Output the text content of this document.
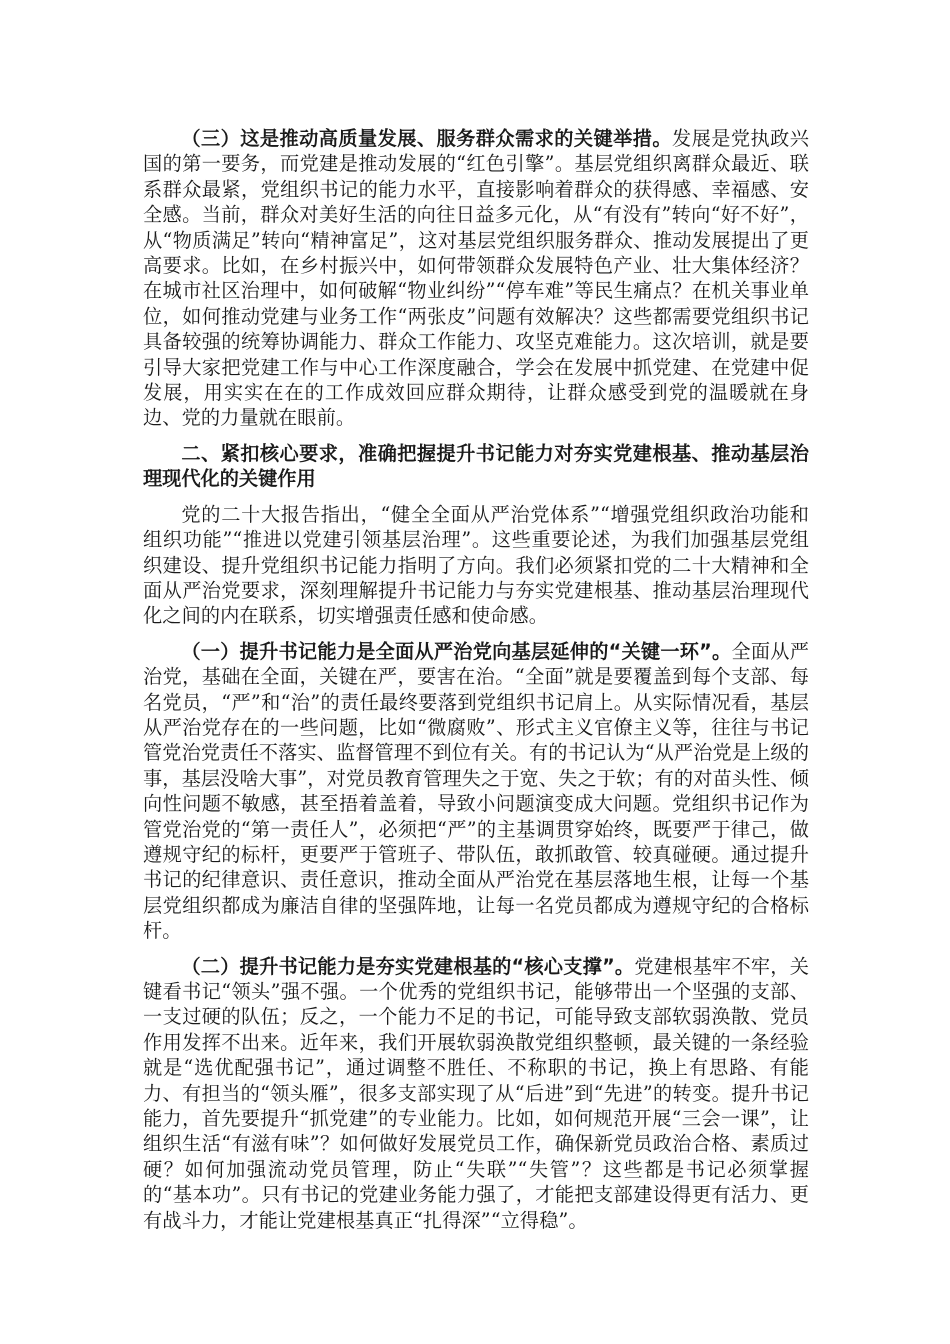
（三）这是推动高质量发展、服务群众需求的关键举措。发展是党执政兴国的第一要务，而党建是推动发展的“红色引擎”。基层党组织离群众最近、联系群众最紧，党组织书记的能力水平，直接影响着群众的获得感、幸福感、安全感。当前，群众对美好生活的向往日益多元化，从“有没有”转向“好不好”，从“物质满足”转向“精神富足”，这对基层党组织服务群众、推动发展提出了更高要求。比如，在乡村振兴中，如何带领群众发展特色产业、壮大集体经济？在城市社区治理中，如何破解“物业纠纷”“停车难”等民生痛点？在机关事业单位，如何推动党建与业务工作“两张皮”问题有效解决？这些都需要党组织书记具备较强的统筹协调能力、群众工作能力、攻坚克难能力。这次培训，就是要引导大家把党建工作与中心工作深度融合，学会在发展中抓党建、在党建中促发展，用实实在在的工作成效回应群众期待，让群众感受到党的温暖就在身边、党的力量就在眼前。

二、紧扣核心要求，准确把握提升书记能力对夯实党建根基、推动基层治理现代化的关键作用

党的二十大报告指出，“健全全面从严治党体系”“增强党组织政治功能和组织功能”“推进以党建引领基层治理”。这些重要论述，为我们加强基层党组织建设、提升党组织书记能力指明了方向。我们必须紧扣党的二十大精神和全面从严治党要求，深刻理解提升书记能力与夯实党建根基、推动基层治理现代化之间的内在联系，切实增强责任感和使命感。

（一）提升书记能力是全面从严治党向基层延伸的“关键一环”。全面从严治党，基础在全面，关键在严，要害在治。“全面”就是要覆盖到每个支部、每名党员，“严”和“治”的责任最终要落到党组织书记肩上。从实际情况看，基层从严治党存在的一些问题，比如“微腐败”、形式主义官僚主义等，往往与书记管党治党责任不落实、监督管理不到位有关。有的书记认为“从严治党是上级的事，基层没啥大事”，对党员教育管理失之于宽、失之于软；有的对苗头性、倾向性问题不敏感，甚至捂着盖着，导致小问题演变成大问题。党组织书记作为管党治党的“第一责任人”，必须把“严”的主基调贯穿始终，既要严于律己，做遵规守纪的标杆，更要严于管班子、带队伍，敢抓敢管、较真碰硬。通过提升书记的纪律意识、责任意识，推动全面从严治党在基层落地生根，让每一个基层党组织都成为廉洁自律的坚强阵地，让每一名党员都成为遵规守纪的合格标杆。

（二）提升书记能力是夯实党建根基的“核心支撑”。党建根基牢不牢，关键看书记“领头”强不强。一个优秀的党组织书记，能够带出一个坚强的支部、一支过硬的队伍；反之，一个能力不足的书记，可能导致支部软弱涣散、党员作用发挥不出来。近年来，我们开展软弱涣散党组织整顿，最关键的一条经验就是“选优配强书记”，通过调整不胜任、不称职的书记，换上有思路、有能力、有担当的“领头雁”，很多支部实现了从“后进”到“先进”的转变。提升书记能力，首先要提升“抓党建”的专业能力。比如，如何规范开展“三会一课”，让组织生活“有滋有味”？如何做好发展党员工作，确保新党员政治合格、素质过硬？如何加强流动党员管理，防止“失联”“失管”？这些都是书记必须掌握的“基本功”。只有书记的党建业务能力强了，才能把支部建设得更有活力、更有战斗力，才能让党建根基真正“扎得深”“立得稳”。
